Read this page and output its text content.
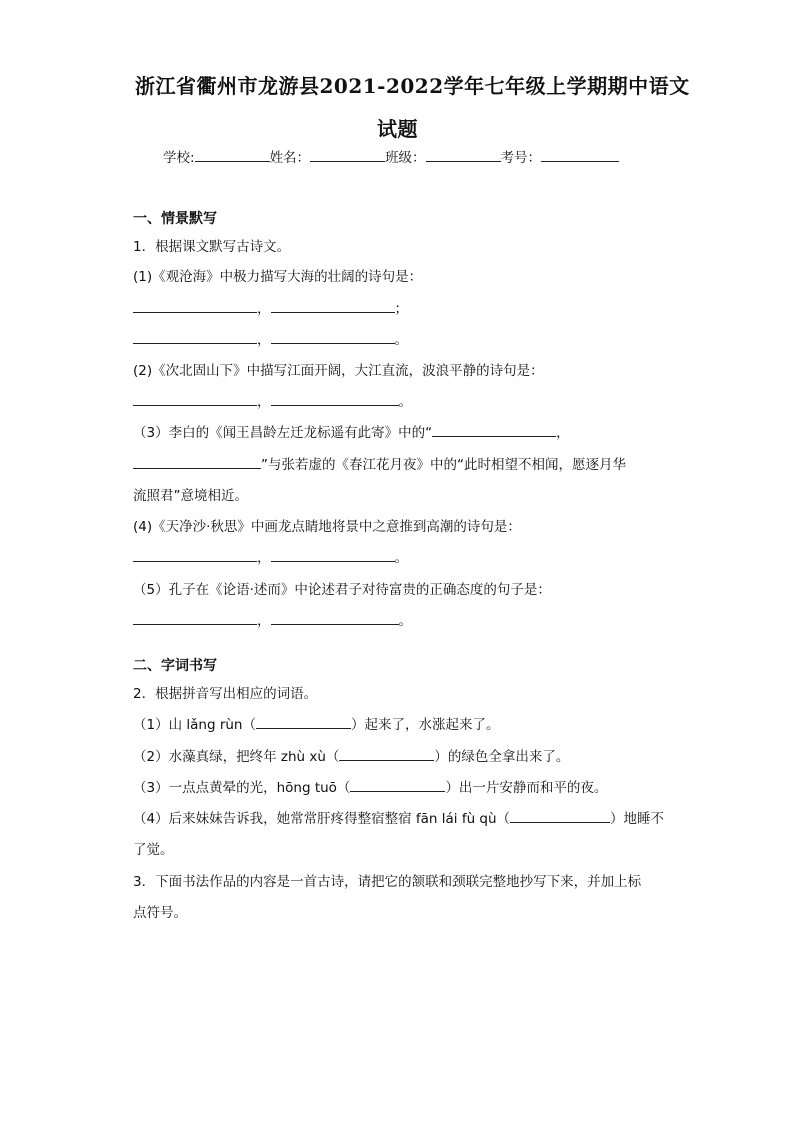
浙江省衢州市龙游县2021-2022学年七年级上学期期中语文
试题
学校:	姓名：	班级：	考号：
一、情景默写
1．根据课文默写古诗文。
(1)《观沧海》中极力描写大海的壮阔的诗句是：
，	；
，	。
(2)《次北固山下》中描写江面开阔，大江直流，波浪平静的诗句是：
，	。
（3）李白的《闻王昌龄左迁龙标遥有此寄》中的“	，
”与张若虚的《春江花月夜》中的“此时相望不相闻，愿逐月华
流照君”意境相近。
(4)《天净沙·秋思》中画龙点睛地将景中之意推到高潮的诗句是：
，	。
（5）孔子在《论语·述而》中论述君子对待富贵的正确态度的句子是：
，	。
二、字词书写
2．根据拼音写出相应的词语。
（1）山 lǎng rùn（	）起来了，水涨起来了。
（2）水藻真绿，把终年 zhù xù（	）的绿色全拿出来了。
（3）一点点黄晕的光，hōng tuō（	）出一片安静而和平的夜。
（4）后来妹妹告诉我，她常常肝疼得整宿整宿 fān lái fù qù（	）地睡不
了觉。
3．下面书法作品的内容是一首古诗，请把它的颔联和颈联完整地抄写下来，并加上标
点符号。
